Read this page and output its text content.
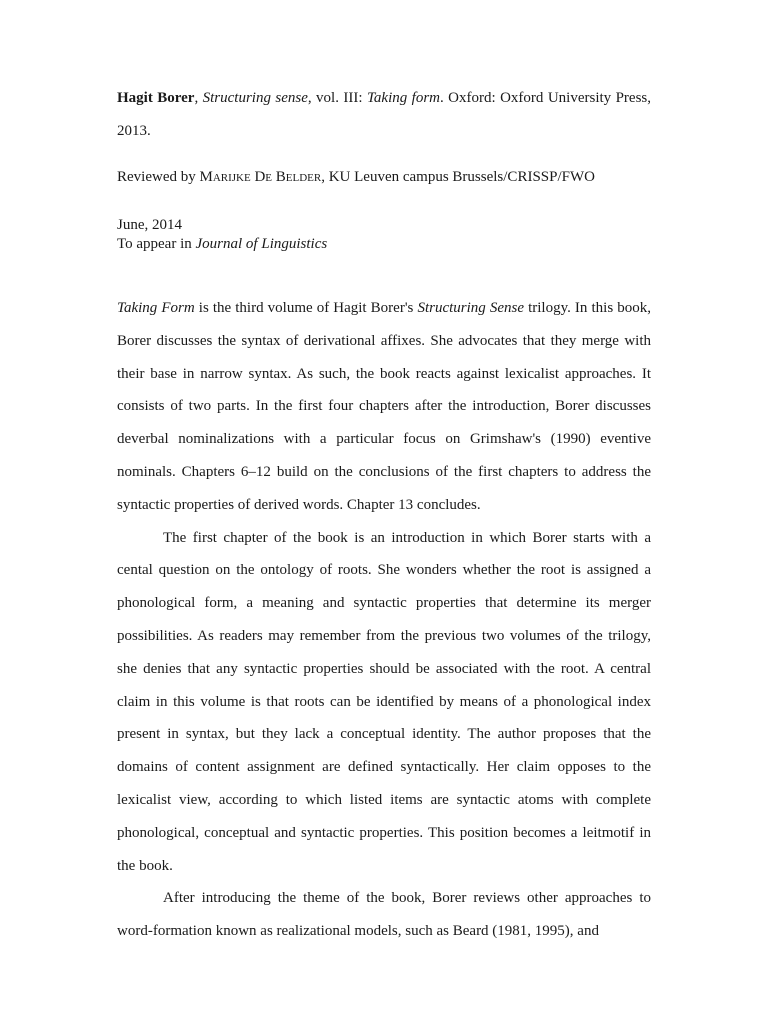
Hagit Borer, Structuring sense, vol. III: Taking form. Oxford: Oxford University Press, 2013.
Reviewed by Marijke De Belder, KU Leuven campus Brussels/CRISSP/FWO
June, 2014
To appear in Journal of Linguistics

Taking Form is the third volume of Hagit Borer's Structuring Sense trilogy. In this book, Borer discusses the syntax of derivational affixes. She advocates that they merge with their base in narrow syntax. As such, the book reacts against lexicalist approaches. It consists of two parts. In the first four chapters after the introduction, Borer discusses deverbal nominalizations with a particular focus on Grimshaw's (1990) eventive nominals. Chapters 6–12 build on the conclusions of the first chapters to address the syntactic properties of derived words. Chapter 13 concludes.

The first chapter of the book is an introduction in which Borer starts with a cental question on the ontology of roots. She wonders whether the root is assigned a phonological form, a meaning and syntactic properties that determine its merger possibilities. As readers may remember from the previous two volumes of the trilogy, she denies that any syntactic properties should be associated with the root. A central claim in this volume is that roots can be identified by means of a phonological index present in syntax, but they lack a conceptual identity. The author proposes that the domains of content assignment are defined syntactically. Her claim opposes to the lexicalist view, according to which listed items are syntactic atoms with complete phonological, conceptual and syntactic properties. This position becomes a leitmotif in the book.

After introducing the theme of the book, Borer reviews other approaches to word-formation known as realizational models, such as Beard (1981, 1995), and
